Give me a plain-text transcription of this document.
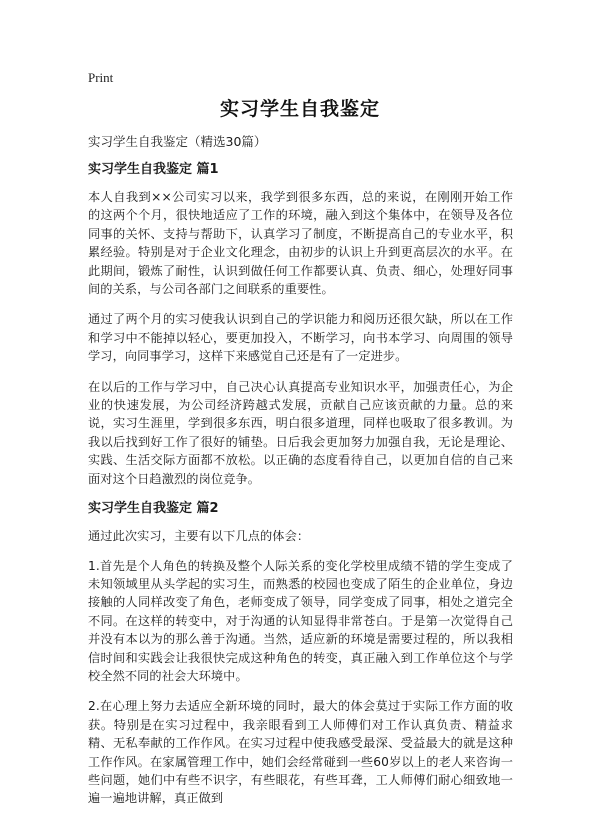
Print
实习学生自我鉴定

实习学生自我鉴定（精选30篇）

实习学生自我鉴定 篇1

本人自我到××公司实习以来，我学到很多东西，总的来说，在刚刚开始工作的这两个个月，很快地适应了工作的环境，融入到这个集体中，在领导及各位同事的关怀、支持与帮助下，认真学习了制度，不断提高自己的专业水平，积累经验。特别是对于企业文化理念，由初步的认识上升到更高层次的水平。在此期间，锻炼了耐性，认识到做任何工作都要认真、负责、细心，处理好同事间的关系，与公司各部门之间联系的重要性。

通过了两个月的实习使我认识到自己的学识能力和阅历还很欠缺，所以在工作和学习中不能掉以轻心，要更加投入，不断学习，向书本学习、向周围的领导学习，向同事学习，这样下来感觉自己还是有了一定进步。

在以后的工作与学习中，自己决心认真提高专业知识水平，加强责任心，为企业的快速发展，为公司经济跨越式发展，贡献自己应该贡献的力量。总的来说，实习生涯里，学到很多东西，明白很多道理，同样也吸取了很多教训。为我以后找到好工作了很好的铺垫。日后我会更加努力加强自我，无论是理论、实践、生活交际方面都不放松。以正确的态度看待自己，以更加自信的自己来面对这个日趋激烈的岗位竞争。

实习学生自我鉴定 篇2

通过此次实习，主要有以下几点的体会：

1.首先是个人角色的转换及整个人际关系的变化学校里成绩不错的学生变成了未知领域里从头学起的实习生，而熟悉的校园也变成了陌生的企业单位，身边接触的人同样改变了角色，老师变成了领导，同学变成了同事，相处之道完全不同。在这样的转变中，对于沟通的认知显得非常苍白。于是第一次觉得自己并没有本以为的那么善于沟通。当然，适应新的环境是需要过程的，所以我相信时间和实践会让我很快完成这种角色的转变，真正融入到工作单位这个与学校全然不同的社会大环境中。

2.在心理上努力去适应全新环境的同时，最大的体会莫过于实际工作方面的收获。特别是在实习过程中，我亲眼看到工人师傅们对工作认真负责、精益求精、无私奉献的工作作风。在实习过程中使我感受最深、受益最大的就是这种工作作风。在家属管理工作中，她们会经常碰到一些60岁以上的老人来咨询一些问题，她们中有些不识字，有些眼花，有些耳聋，工人师傅们耐心细致地一遍一遍地讲解，真正做到
